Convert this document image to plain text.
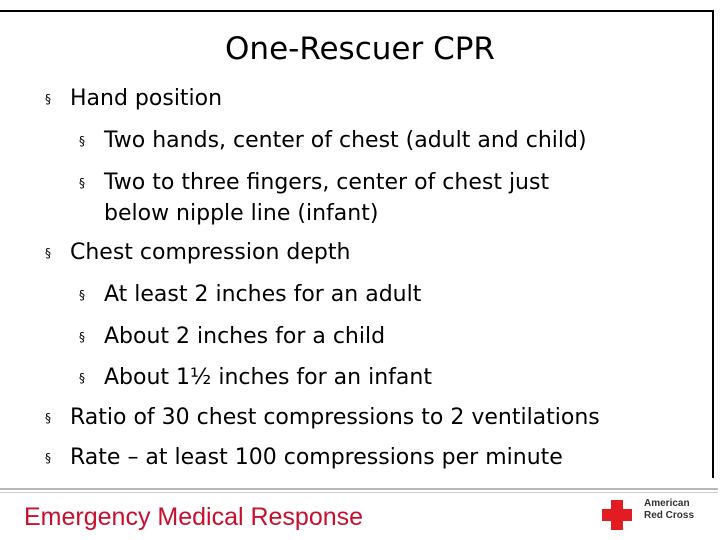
One-Rescuer CPR
§ Hand position
§ Two hands, center of chest (adult and child)
§ Two to three fingers, center of chest just
below nipple line (infant)
§ Chest compression depth
§ At least 2 inches for an adult
§ About 2 inches for a child
§ About 1½ inches for an infant
§ Ratio of 30 chest compressions to 2 ventilations
§ Rate – at least 100 compressions per minute
Emergency Medical Response	American
Red Cross
